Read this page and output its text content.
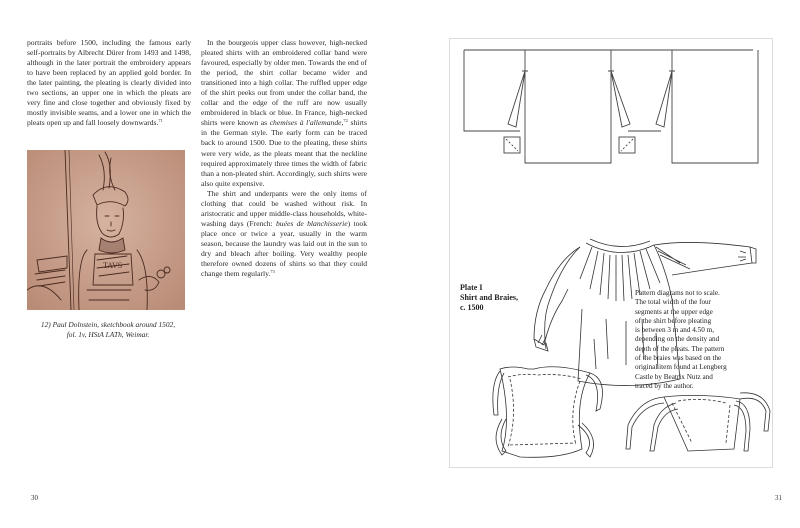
portraits before 1500, including the famous early self-portraits by Albrecht Dürer from 1493 and 1498, although in the later portrait the embroidery appears to have been replaced by an applied gold border. In the later painting, the pleating is clearly divided into two sections, an upper one in which the pleats are very fine and close together and obviously fixed by mostly invisible seams, and a lower one in which the pleats open up and fall loosely downwards.$^{71}$

TAVS
12) Paul Dolnstein, sketchbook around 1502,
fol. 1v, HStA LATh, Weimar.

In the bourgeois upper class however, high-necked pleated shirts with an embroidered collar band were favoured, especially by older men. Towards the end of the period, the shirt collar became wider and transitioned into a high collar. The ruffled upper edge of the shirt peeks out from under the collar band, the collar and the edge of the ruff are now usually embroidered in black or blue. In France, high-necked shirts were known as chemises à l'allemande,$^{72}$ shirts in the German style. The early form can be traced back to around 1500. Due to the pleating, these shirts were very wide, as the pleats meant that the neckline required approximately three times the width of fabric than a non-pleated shirt. Accordingly, such shirts were also quite expensive.

The shirt and underpants were the only items of clothing that could be washed without risk. In aristocratic and upper middle-class households, white-washing days (French: buées de blanchisserie) took place once or twice a year, usually in the warm season, because the laundry was laid out in the sun to dry and bleach after boiling. Very wealthy people therefore owned dozens of shirts so that they could change them regularly.$^{73}$

30
Plate I
Shirt and Braies,
c. 1500
Pattern diagrams not to scale.
The total width of the four
segments at the upper edge
of the shirt before pleating
is between 3 m and 4.50 m,
depending on the density and
depth of the pleats. The pattern
of the braies was based on the
original item found at Lengberg
Castle by Beatrix Nutz and
traced by the author.
31
